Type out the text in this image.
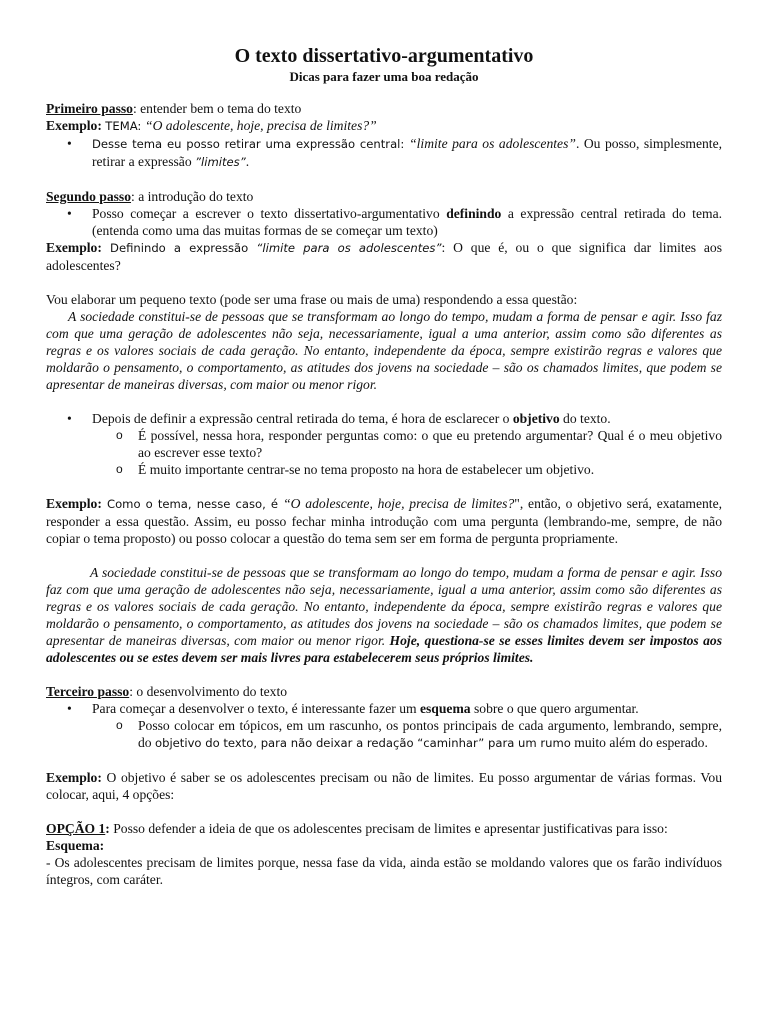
O texto dissertativo-argumentativo
Dicas para fazer uma boa redação

Primeiro passo: entender bem o tema do texto

Exemplo: TEMA: “O adolescente, hoje, precisa de limites?”

• Desse tema eu posso retirar uma expressão central: “limite para os adolescentes”. Ou posso, simplesmente, retirar a expressão ”limites”.

Segundo passo: a introdução do texto

• Posso começar a escrever o texto dissertativo-argumentativo definindo a expressão central retirada do tema. (entenda como uma das muitas formas de se começar um texto)

Exemplo: Definindo a expressão “limite para os adolescentes”: O que é, ou o que significa dar limites aos adolescentes?

Vou elaborar um pequeno texto (pode ser uma frase ou mais de uma) respondendo a essa questão:

A sociedade constitui-se de pessoas que se transformam ao longo do tempo, mudam a forma de pensar e agir. Isso faz com que uma geração de adolescentes não seja, necessariamente, igual a uma anterior, assim como são diferentes as regras e os valores sociais de cada geração. No entanto, independente da época, sempre existirão regras e valores que moldarão o pensamento, o comportamento, as atitudes dos jovens na sociedade – são os chamados limites, que podem se apresentar de maneiras diversas, com maior ou menor rigor.

• Depois de definir a expressão central retirada do tema, é hora de esclarecer o objetivo do texto.
o É possível, nessa hora, responder perguntas como: o que eu pretendo argumentar? Qual é o meu objetivo ao escrever esse texto?
o É muito importante centrar-se no tema proposto na hora de estabelecer um objetivo.

Exemplo: Como o tema, nesse caso, é “O adolescente, hoje, precisa de limites?", então, o objetivo será, exatamente, responder a essa questão. Assim, eu posso fechar minha introdução com uma pergunta (lembrando-me, sempre, de não copiar o tema proposto) ou posso colocar a questão do tema sem ser em forma de pergunta propriamente.

A sociedade constitui-se de pessoas que se transformam ao longo do tempo, mudam a forma de pensar e agir. Isso faz com que uma geração de adolescentes não seja, necessariamente, igual a uma anterior, assim como são diferentes as regras e os valores sociais de cada geração. No entanto, independente da época, sempre existirão regras e valores que moldarão o pensamento, o comportamento, as atitudes dos jovens na sociedade – são os chamados limites, que podem se apresentar de maneiras diversas, com maior ou menor rigor. Hoje, questiona-se se esses limites devem ser impostos aos adolescentes ou se estes devem ser mais livres para estabelecerem seus próprios limites.

Terceiro passo: o desenvolvimento do texto

• Para começar a desenvolver o texto, é interessante fazer um esquema sobre o que quero argumentar.
o Posso colocar em tópicos, em um rascunho, os pontos principais de cada argumento, lembrando, sempre, do objetivo do texto, para não deixar a redação “caminhar” para um rumo muito além do esperado.

Exemplo: O objetivo é saber se os adolescentes precisam ou não de limites. Eu posso argumentar de várias formas. Vou colocar, aqui, 4 opções:

OPÇÃO 1: Posso defender a ideia de que os adolescentes precisam de limites e apresentar justificativas para isso:

Esquema:

- Os adolescentes precisam de limites porque, nessa fase da vida, ainda estão se moldando valores que os farão indivíduos íntegros, com caráter.
